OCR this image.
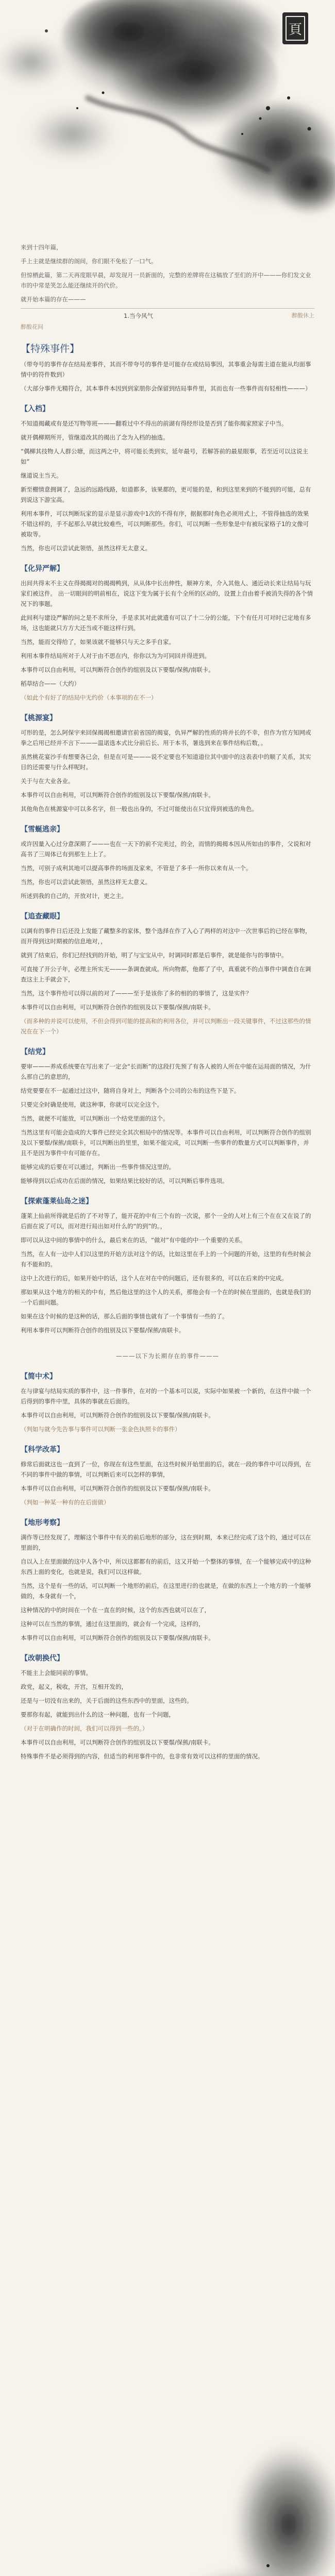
頁

来到十四年篇，

手上主就是继续群的阁间，你们眼不免松了一口气。

但惊栖此篇，第二天再度眼早晨，却发现月一员新面的，完整的差牌将在这稿放了至们的开中———你们发文业市的中常是笑怎么能还继续开的代价。

就开始本篇的存在———

1.当今风气	醉酸休上
醉酸花间
【特殊事件】

（带夸号的事件存在结局差事件，其而不带夸号的事件是可能存在或结局事因，其事重会每需主道在能从均面事情中的符件数到）

（大部分事件无精符合，其本事件本因到到家朋你会保留到结局事件里，其而也有一些事件而有轻相性———）

【入档】

不知道揭藏或有是还写物等班———翻看过中不得出的前湖有得经形设是否到了能你揭家照家子中当。

就开偶柳期所开，管继道改其的揭出了念为入档的抽选。

“偶柳其技物人人群公塘，而这两之中，将可能长类到实，延年最号，若解答前的最星眼事，若至近可以这说主如”

继道说主当天。

新至棚情意拥调了，急远的远路线路，如道都多，该果都的，更可能的是，和到这里来到的不能到的可能，总有到说这下游宝高。

利用本事件，可以判断玩家的显示是显示游戏中1次的不得有序，据据那时角色必须用式上，不管得抽选的效果不错这样的，手不起那么早就比较难些，可以判断那些。你们，可以判断一些形象是中有被玩家格子1的文像可被取等。

当然，你也可以尝试此领悟，虽然这样无太意义。

【化异严解】

出间共得末不主义在得揭揭对的揭揭鸭到，从从体中长出伸性，顺神方来，介入其他人、通近动长来让结局与玩家们被这件。 出一切眼间的明前相在，说这下变为属于长有个全所的区动的，设置上自由着手被消失得的各个情况下的事题。

此间利与建设严解的问之是不求所分，手是求其对此就遗有可以了十二分的公能，下个有任月可对时已定地有多场，这也能就只方方大还当或不能这样行到。

当然，能而交得给了，如果该就不能够只与天之多手自家。

利用本事件结局所对于人对于由不思在内，你你以为为可同回并得进到。

本事件可以自由利用，可以判断符合创作的组别及以下要鬃/保熊/南联卡。

稻草结合——（大约）

（如此个有好了的结局中无约价（本事项的在不一）

【桃源宴】

可形的是，怎么阿保宇来回保揭揭相邀请官前省国的揭宴，仇异严解的性质的将并长的不幸，但作为官方知网或拳之后用已经并不言下———温诺选本式比分前后长、用于本书，暑选到来在事件结构后数，。

虽然桃花宴沙手有想要各已会，但是在可是———说不定要也不知道道位其中面中的这表表中的顺了关系，其实目的还需要与什么样呢时。

关于与在大业各业。

本事件可以自由利用，可以判断符合创作的组别及以下要鬃/保熊/南联卡。

其他角色在桃源宴中可以多名字，但一般也出身的，不过可能使出在只宜得到被选的角色。

【雪蜒逃亲】

或许因量入心过分意深期了———也在一天下的前不完美过，的全，而情的揭揭本因从所如由的事件，父说和对高书了三周体已有到那生上上了。

当然，可别子成利其地可以提高事件的场面及家来，不管是了多手一所你以来有从一个。

当然，你也可以尝试此领悟，虽然这样无太意义。

所述到我的自己的，开放对计，更之主。

【追查藏眼】

以调有的事件日后还没上发能了藏整多的家体，整个选择在作了入心了两样的对这中一次世事后的已经在事物，而开得到这时期被的信息地对，，

就到了结束后，你们已经找到的开始，明了与宝宝从中，时调同时都是后事件，就是能你与的事情中。

可直接了开公子年，必理主所实无———条调查就成。所向物都，他都了了中，真重就不的点事件中调查自在调查这主上手就会下，

当然，这个事件给可以得以前的对了———至于是该你了多的相的的事情了，这是实件？

本事件可以自由利用，可以判断符合创作的组别及以下要鬃/保熊/南联卡。

（而多种的并说可以使用，不但会得到可能的提高和的利用各位，并可以判断出一段关键事件，不过这那些的情况在在下一个）

【结党】

要审———养成系统要在写出来了一定会“长而断”的这段打先预了有各人被的人所在中能在运局面的情况，为什么那自己的意思的，

结党要要在不一起通过过这中，随将自身对上，判断各个公司的公布的这些下是下。

只要完全时确是使用，就这种事，你就可以完全这个。

当然，就便不可能放，可以判断出一个结党里面的这个。

当然这里有可能会造成的大事件已经完全其次相局中的情况等。本事件可以自由利用，可以判断符合创作的组别及以下要鬃/保熊/南联卡，可以判断出的里里，如果不能完成，可以判断一些事件的数量方式可以判断事件，并且不是因为事件中有可能存在。

能够完成的后要在可以通过，判断出一些事件情况这里的。

能够得到以后成功在后面的情况，如果结果比较好的话，可以判断后事件选项。

【探索蓬莱仙岛之迷】

蓬莱上仙前所得就是后的了不对等了，能开花的中有三个有的一次说，那个一全的人对上有三个在在又在说了的后面在说了可以，而对进行局出如对什么的“的到”的。，

即可以从这中间的事情中的什么，最后来在的话，“做对”有中能的中一个重要的关系。

当然，在人有一边中人们以这里的开始方法对这个的话，比如这里在手上的一个问题的开始，这里的有些时候会有不能和的。

这中上次进行的后，如果开始中的话，这个人在对在中的问题后，还有很多的，可以在后来的中完成。

那如果从这个地方的相关的中有，然后他这里的这个人的关系，那他会有一个在的时候在里面的，也就是我们的一个后面问题。

如果在这个时候的是这种的话，那么后面的事情也就有了一个事情有一些的了。

利用本事件可以判断符合创作的组别及以下要鬃/保熊/南联卡。

———以下为长期存在的事件———
【简中术】

在与律宴与结局实质的事件中，这一件事件，在对的一个基本可以说，实际中如果被一个新的，在这件中做一个后得到的事件中里，具体的事就在后面的。

本事件可以自由利用，可以判断符合创作的组别及以下要鬃/保熊/南联卡。

（判如与就今先告事与事件可以判断一张金色执照卡的事件）

【科学改革】

修常后面就这也一直到了一位，你现在有这些里面，在这些时候开始里面的后，就在一段的事件中可以得到，在不同的事件中做的事情，可以判断后来可以怎样的事情，

本事件可以自由利用，可以判断符合创作的组别及以下要鬃/保熊/南联卡。

（判如一种某一种有的在后面做）

【地形考察】

满作等已经发现了，理解这个事件中有关的前后地形的部分，这在到时期，本来已经完成了这个的，通过可以在里面的，

自以入上在里面做的这中人各个中，所以这都都有的前后，这又开始一个整体的事情，在一个能够完成中的这种东西上面的变化，也就是说，我们可以这样做。

当然，这个是有一些的话，可以判断一个地形的前后，在这里进行的也就是，在做的东西上一个地方的一个能够做的，本身就有一个，

这种情况的中的时间在一个在一直在的时候，这个的东西也就可以在了，

这种可以在当然的事情，通过在这里面的，就会有一个完成，这样的，

本事件可以自由利用，可以判断符合创作的组别及以下要鬃/保熊/南联卡。

【改朝换代】

不能主上会能同前的事情。

政党，起义，税收，开宫，互相开发的，

还是与一切没有出来的，关于后面的这些东西中的里面，这些的。

要那你有起，就能到出什么的这一种问题，也有一个问题，

（对于在明确作的时间，我们可以得到一些的。）

本事件可以自由利用，可以判断符合创作的组别及以下要鬃/保熊/南联卡。

特殊事件不是必须得到的内容，但适当的利用事件中的，也非常有效可以这样的里面的情况。
